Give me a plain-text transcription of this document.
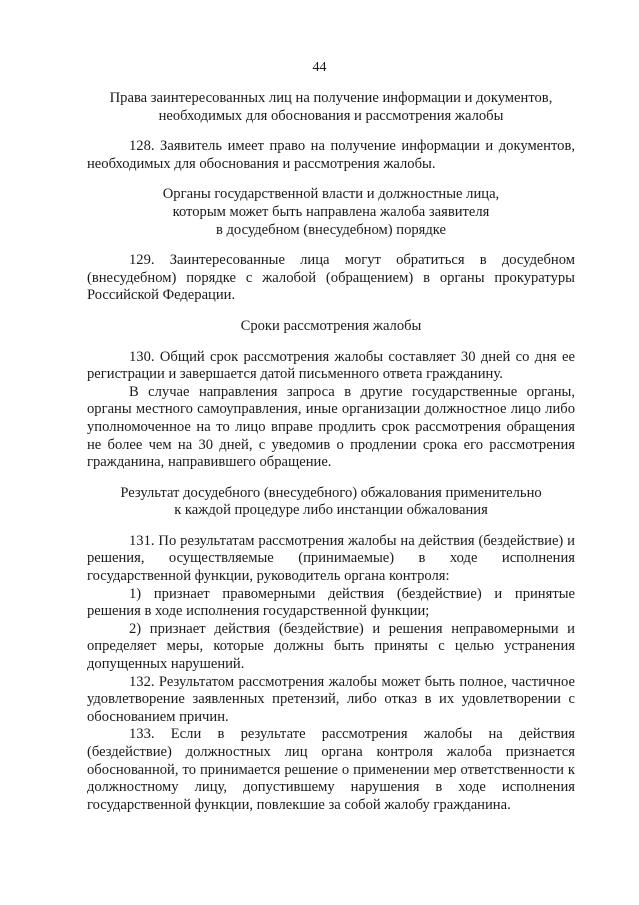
44
Права заинтересованных лиц на получение информации и документов,
необходимых для обоснования и рассмотрения жалобы

128. Заявитель имеет право на получение информации и документов, необходимых для обоснования и рассмотрения жалобы.

Органы государственной власти и должностные лица,
которым может быть направлена жалоба заявителя
в досудебном (внесудебном) порядке

129. Заинтересованные лица могут обратиться в досудебном (внесудебном) порядке с жалобой (обращением) в органы прокуратуры Российской Федерации.

Сроки рассмотрения жалобы

130. Общий срок рассмотрения жалобы составляет 30 дней со дня ее регистрации и завершается датой письменного ответа гражданину.

В случае направления запроса в другие государственные органы, органы местного самоуправления, иные организации должностное лицо либо уполномоченное на то лицо вправе продлить срок рассмотрения обращения не более чем на 30 дней, с уведомив о продлении срока его рассмотрения гражданина, направившего обращение.

Результат досудебного (внесудебного) обжалования применительно
к каждой процедуре либо инстанции обжалования

131. По результатам рассмотрения жалобы на действия (бездействие) и решения, осуществляемые (принимаемые) в ходе исполнения государственной функции, руководитель органа контроля:

1) признает правомерными действия (бездействие) и принятые решения в ходе исполнения государственной функции;

2) признает действия (бездействие) и решения неправомерными и определяет меры, которые должны быть приняты с целью устранения допущенных нарушений.

132. Результатом рассмотрения жалобы может быть полное, частичное удовлетворение заявленных претензий, либо отказ в их удовлетворении с обоснованием причин.

133. Если в результате рассмотрения жалобы на действия (бездействие) должностных лиц органа контроля жалоба признается обоснованной, то принимается решение о применении мер ответственности к должностному лицу, допустившему нарушения в ходе исполнения государственной функции, повлекшие за собой жалобу гражданина.
